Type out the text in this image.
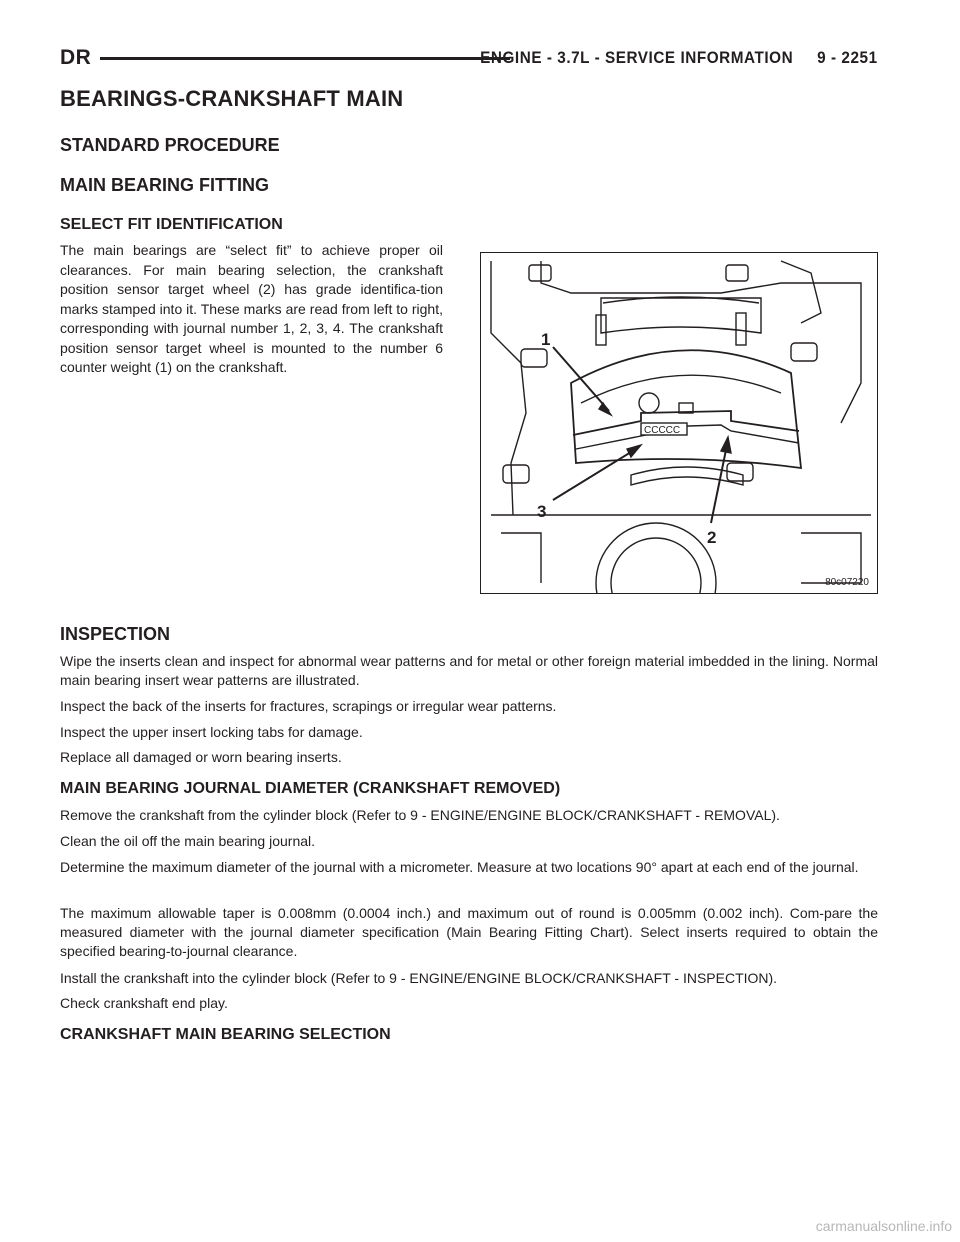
DR	ENGINE - 3.7L - SERVICE INFORMATION     9 - 2251
BEARINGS-CRANKSHAFT MAIN
STANDARD PROCEDURE
MAIN BEARING FITTING
SELECT FIT IDENTIFICATION

The main bearings are “select fit” to achieve proper oil clearances. For main bearing selection, the crankshaft position sensor target wheel (2) has grade identifica-tion marks stamped into it. These marks are read from left to right, corresponding with journal number 1, 2, 3, 4. The crankshaft position sensor target wheel is mounted to the number 6 counter weight (1) on the crankshaft.

CCCCC
1
2
3
80c07220
INSPECTION

Wipe the inserts clean and inspect for abnormal wear patterns and for metal or other foreign material imbedded in the lining. Normal main bearing insert wear patterns are illustrated.

Inspect the back of the inserts for fractures, scrapings or irregular wear patterns.

Inspect the upper insert locking tabs for damage.

Replace all damaged or worn bearing inserts.

MAIN BEARING JOURNAL DIAMETER (CRANKSHAFT REMOVED)

Remove the crankshaft from the cylinder block (Refer to 9 - ENGINE/ENGINE BLOCK/CRANKSHAFT - REMOVAL).

Clean the oil off the main bearing journal.

Determine the maximum diameter of the journal with a micrometer. Measure at two locations 90° apart at each end of the journal.

The maximum allowable taper is 0.008mm (0.0004 inch.) and maximum out of round is 0.005mm (0.002 inch). Com-pare the measured diameter with the journal diameter specification (Main Bearing Fitting Chart). Select inserts required to obtain the specified bearing-to-journal clearance.

Install the crankshaft into the cylinder block (Refer to 9 - ENGINE/ENGINE BLOCK/CRANKSHAFT - INSPECTION).

Check crankshaft end play.

CRANKSHAFT MAIN BEARING SELECTION
carmanualsonline.info
